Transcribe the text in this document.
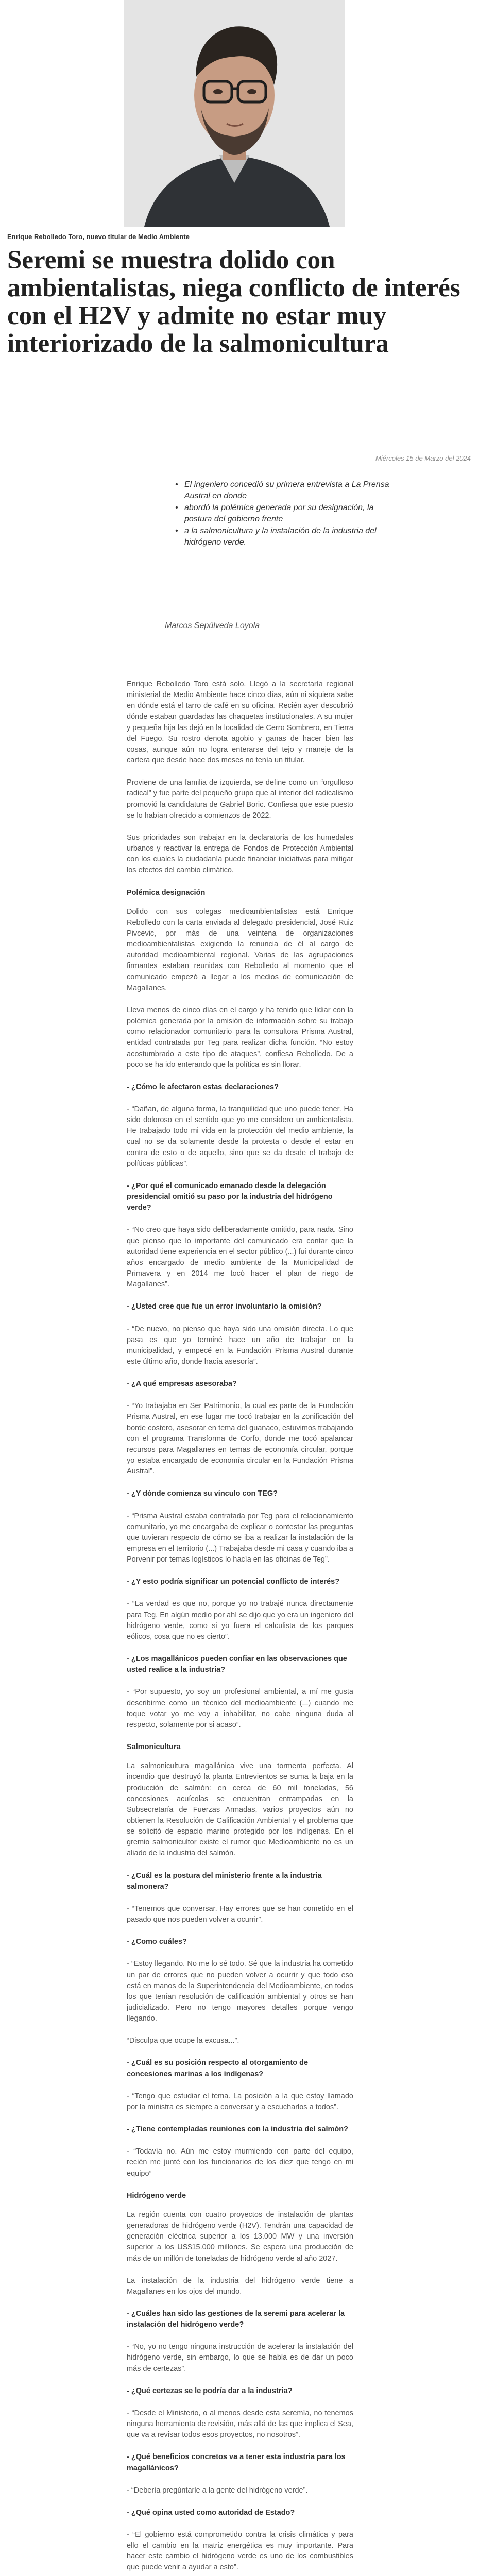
Enrique Rebolledo Toro, nuevo titular de Medio Ambiente
Seremi se muestra dolido con ambientalistas, niega conflicto de interés con el H2V y admite no estar muy interiorizado de la salmonicultura
Miércoles 15 de Marzo del 2024
• El ingeniero concedió su primera entrevista a La Prensa Austral en donde
• abordó la polémica generada por su designación, la postura del gobierno frente
• a la salmonicultura y la instalación de la industria del hidrógeno verde.
Marcos Sepúlveda Loyola

Enrique Rebolledo Toro está solo. Llegó a la secretaría regional ministerial de Medio Ambiente hace cinco días, aún ni siquiera sabe en dónde está el tarro de café en su oficina. Recién ayer descubrió dónde estaban guardadas las chaquetas institucionales. A su mujer y pequeña hija las dejó en la localidad de Cerro Sombrero, en Tierra del Fuego. Su rostro denota agobio y ganas de hacer bien las cosas, aunque aún no logra enterarse del tejo y maneje de la cartera que desde hace dos meses no tenía un titular.

Proviene de una familia de izquierda, se define como un “orgulloso radical” y fue parte del pequeño grupo que al interior del radicalismo promovió la candidatura de Gabriel Boric. Confiesa que este puesto se lo habían ofrecido a comienzos de 2022.

Sus prioridades son trabajar en la declaratoria de los humedales urbanos y reactivar la entrega de Fondos de Protección Ambiental con los cuales la ciudadanía puede financiar iniciativas para mitigar los efectos del cambio climático.

Polémica designación

Dolido con sus colegas medioambientalistas está Enrique Rebolledo con la carta enviada al delegado presidencial, José Ruiz Pivcevic, por más de una veintena de organizaciones medioambientalistas exigiendo la renuncia de él al cargo de autoridad medioambiental regional. Varias de las agrupaciones firmantes estaban reunidas con Rebolledo al momento que el comunicado empezó a llegar a los medios de comunicación de Magallanes.

Lleva menos de cinco días en el cargo y ha tenido que lidiar con la polémica generada por la omisión de información sobre su trabajo como relacionador comunitario para la consultora Prisma Austral, entidad contratada por Teg para realizar dicha función. “No estoy acostumbrado a este tipo de ataques”, confiesa Rebolledo. De a poco se ha ido enterando que la política es sin llorar.

- ¿Cómo le afectaron estas declaraciones?

- “Dañan, de alguna forma, la tranquilidad que uno puede tener. Ha sido doloroso en el sentido que yo me considero un ambientalista. He trabajado todo mi vida en la protección del medio ambiente, la cual no se da solamente desde la protesta o desde el estar en contra de esto o de aquello, sino que se da desde el trabajo de políticas públicas”.

- ¿Por qué el comunicado emanado desde la delegación presidencial omitió su paso por la industria del hidrógeno verde?

- “No creo que haya sido deliberadamente omitido, para nada. Sino que pienso que lo importante del comunicado era contar que la autoridad tiene experiencia en el sector público (...) fui durante cinco años encargado de medio ambiente de la Municipalidad de Primavera y en 2014 me tocó hacer el plan de riego de Magallanes”.

- ¿Usted cree que fue un error involuntario la omisión?

- “De nuevo, no pienso que haya sido una omisión directa. Lo que pasa es que yo terminé hace un año de trabajar en la municipalidad, y empecé en la Fundación Prisma Austral durante este último año, donde hacía asesoría”.

- ¿A qué empresas asesoraba?

- “Yo trabajaba en Ser Patrimonio, la cual es parte de la Fundación Prisma Austral, en ese lugar me tocó trabajar en la zonificación del borde costero, asesorar en tema del guanaco, estuvimos trabajando con el programa Transforma de Corfo, donde me tocó apalancar recursos para Magallanes en temas de economía circular, porque yo estaba encargado de economía circular en la Fundación Prisma Austral”.

- ¿Y dónde comienza su vínculo con TEG?

- “Prisma Austral estaba contratada por Teg para el relacionamiento comunitario, yo me encargaba de explicar o contestar las preguntas que tuvieran respecto de cómo se iba a realizar la instalación de la empresa en el territorio (...) Trabajaba desde mi casa y cuando iba a Porvenir por temas logísticos lo hacía en las oficinas de Teg”.

- ¿Y esto podría significar un potencial conflicto de interés?

- “La verdad es que no, porque yo no trabajé nunca directamente para Teg. En algún medio por ahí se dijo que yo era un ingeniero del hidrógeno verde, como si yo fuera el calculista de los parques eólicos, cosa que no es cierto”.

- ¿Los magallánicos pueden confiar en las observaciones que usted realice a la industria?

- “Por supuesto, yo soy un profesional ambiental, a mí me gusta describirme como un técnico del medioambiente (...) cuando me toque votar yo me voy a inhabilitar, no cabe ninguna duda al respecto, solamente por si acaso”.

Salmonicultura

La salmonicultura magallánica vive una tormenta perfecta. Al incendio que destruyó la planta Entrevientos se suma la baja en la producción de salmón: en cerca de 60 mil toneladas, 56 concesiones acuícolas se encuentran entrampadas en la Subsecretaría de Fuerzas Armadas, varios proyectos aún no obtienen la Resolución de Calificación Ambiental y el problema que se solicitó de espacio marino protegido por los indígenas. En el gremio salmonicultor existe el rumor que Medioambiente no es un aliado de la industria del salmón.

- ¿Cuál es la postura del ministerio frente a la industria salmonera?

- “Tenemos que conversar. Hay errores que se han cometido en el pasado que nos pueden volver a ocurrir”.

- ¿Como cuáles?

- “Estoy llegando. No me lo sé todo. Sé que la industria ha cometido un par de errores que no pueden volver a ocurrir y que todo eso está en manos de la Superintendencia del Medioambiente, en todos los que tenían resolución de calificación ambiental y otros se han judicializado. Pero no tengo mayores detalles porque vengo llegando.

“Disculpa que ocupe la excusa...”.

- ¿Cuál es su posición respecto al otorgamiento de concesiones marinas a los indígenas?

- “Tengo que estudiar el tema. La posición a la que estoy llamado por la ministra es siempre a conversar y a escucharlos a todos”.

- ¿Tiene contempladas reuniones con la industria del salmón?

- “Todavía no. Aún me estoy murmiendo con parte del equipo, recién me junté con los funcionarios de los diez que tengo en mi equipo”

Hidrógeno verde

La región cuenta con cuatro proyectos de instalación de plantas generadoras de hidrógeno verde (H2V). Tendrán una capacidad de generación eléctrica superior a los 13.000 MW y una inversión superior a los US$15.000 millones. Se espera una producción de más de un millón de toneladas de hidrógeno verde al año 2027.

La instalación de la industria del hidrógeno verde tiene a Magallanes en los ojos del mundo.

- ¿Cuáles han sido las gestiones de la seremi para acelerar la instalación del hidrógeno verde?

- “No, yo no tengo ninguna instrucción de acelerar la instalación del hidrógeno verde, sin embargo, lo que se habla es de dar un poco más de certezas”.

- ¿Qué certezas se le podría dar a la industria?

- “Desde el Ministerio, o al menos desde esta seremía, no tenemos ninguna herramienta de revisión, más allá de las que implica el Sea, que va a revisar todos esos proyectos, no nosotros”.

- ¿Qué beneficios concretos va a tener esta industria para los magallánicos?

- “Debería pregúntarle a la gente del hidrógeno verde”.

- ¿Qué opina usted como autoridad de Estado?

- “El gobierno está comprometido contra la crisis climática y para ello el cambio en la matriz energética es muy importante. Para hacer este cambio el hidrógeno verde es uno de los combustibles que puede venir a ayudar a esto”.
